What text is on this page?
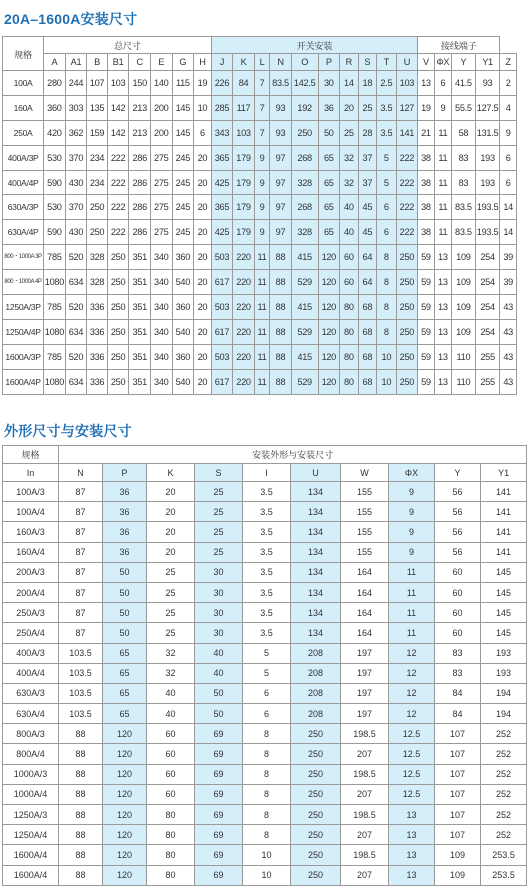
20A–1600A安装尺寸
规格	总尺寸								开关安装										接线端子				
	A	A1	B	B1	C	E	G	H	J	K	L	N	O	P	R	S	T	U	V	ΦX	Y	Y1	Z
100A	280	244	107	103	150	140	115	19	226	84	7	83.5	142.5	30	14	18	2.5	103	13	6	41.5	93	2
160A	360	303	135	142	213	200	145	10	285	117	7	93	192	36	20	25	3.5	127	19	9	55.5	127.5	4
250A	420	362	159	142	213	200	145	6	343	103	7	93	250	50	25	28	3.5	141	21	11	58	131.5	9
400A/3P	530	370	234	222	286	275	245	20	365	179	9	97	268	65	32	37	5	222	38	11	83	193	6
400A/4P	590	430	234	222	286	275	245	20	425	179	9	97	328	65	32	37	5	222	38	11	83	193	6
630A/3P	530	370	250	222	286	275	245	20	365	179	9	97	268	65	40	45	6	222	38	11	83.5	193.5	14
630A/4P	590	430	250	222	286	275	245	20	425	179	9	97	328	65	40	45	6	222	38	11	83.5	193.5	14
800・1000A 3P	785	520	328	250	351	340	360	20	503	220	11	88	415	120	60	64	8	250	59	13	109	254	39
800・1000A 4P	1080	634	328	250	351	340	540	20	617	220	11	88	529	120	60	64	8	250	59	13	109	254	39
1250A/3P	785	520	336	250	351	340	360	20	503	220	11	88	415	120	80	68	8	250	59	13	109	254	43
1250A/4P	1080	634	336	250	351	340	540	20	617	220	11	88	529	120	80	68	8	250	59	13	109	254	43
1600A/3P	785	520	336	250	351	340	360	20	503	220	11	88	415	120	80	68	10	250	59	13	110	255	43
1600A/4P	1080	634	336	250	351	340	540	20	617	220	11	88	529	120	80	68	10	250	59	13	110	255	43
外形尺寸与安装尺寸
规格	安装外形与安装尺寸									
In	N	P	K	S	I	U	W	ΦX	Y	Y1
100A/3	87	36	20	25	3.5	134	155	9	56	141
100A/4	87	36	20	25	3.5	134	155	9	56	141
160A/3	87	36	20	25	3.5	134	155	9	56	141
160A/4	87	36	20	25	3.5	134	155	9	56	141
200A/3	87	50	25	30	3.5	134	164	11	60	145
200A/4	87	50	25	30	3.5	134	164	11	60	145
250A/3	87	50	25	30	3.5	134	164	11	60	145
250A/4	87	50	25	30	3.5	134	164	11	60	145
400A/3	103.5	65	32	40	5	208	197	12	83	193
400A/4	103.5	65	32	40	5	208	197	12	83	193
630A/3	103.5	65	40	50	6	208	197	12	84	194
630A/4	103.5	65	40	50	6	208	197	12	84	194
800A/3	88	120	60	69	8	250	198.5	12.5	107	252
800A/4	88	120	60	69	8	250	207	12.5	107	252
1000A/3	88	120	60	69	8	250	198.5	12.5	107	252
1000A/4	88	120	60	69	8	250	207	12.5	107	252
1250A/3	88	120	80	69	8	250	198.5	13	107	252
1250A/4	88	120	80	69	8	250	207	13	107	252
1600A/4	88	120	80	69	10	250	198.5	13	109	253.5
1600A/4	88	120	80	69	10	250	207	13	109	253.5
